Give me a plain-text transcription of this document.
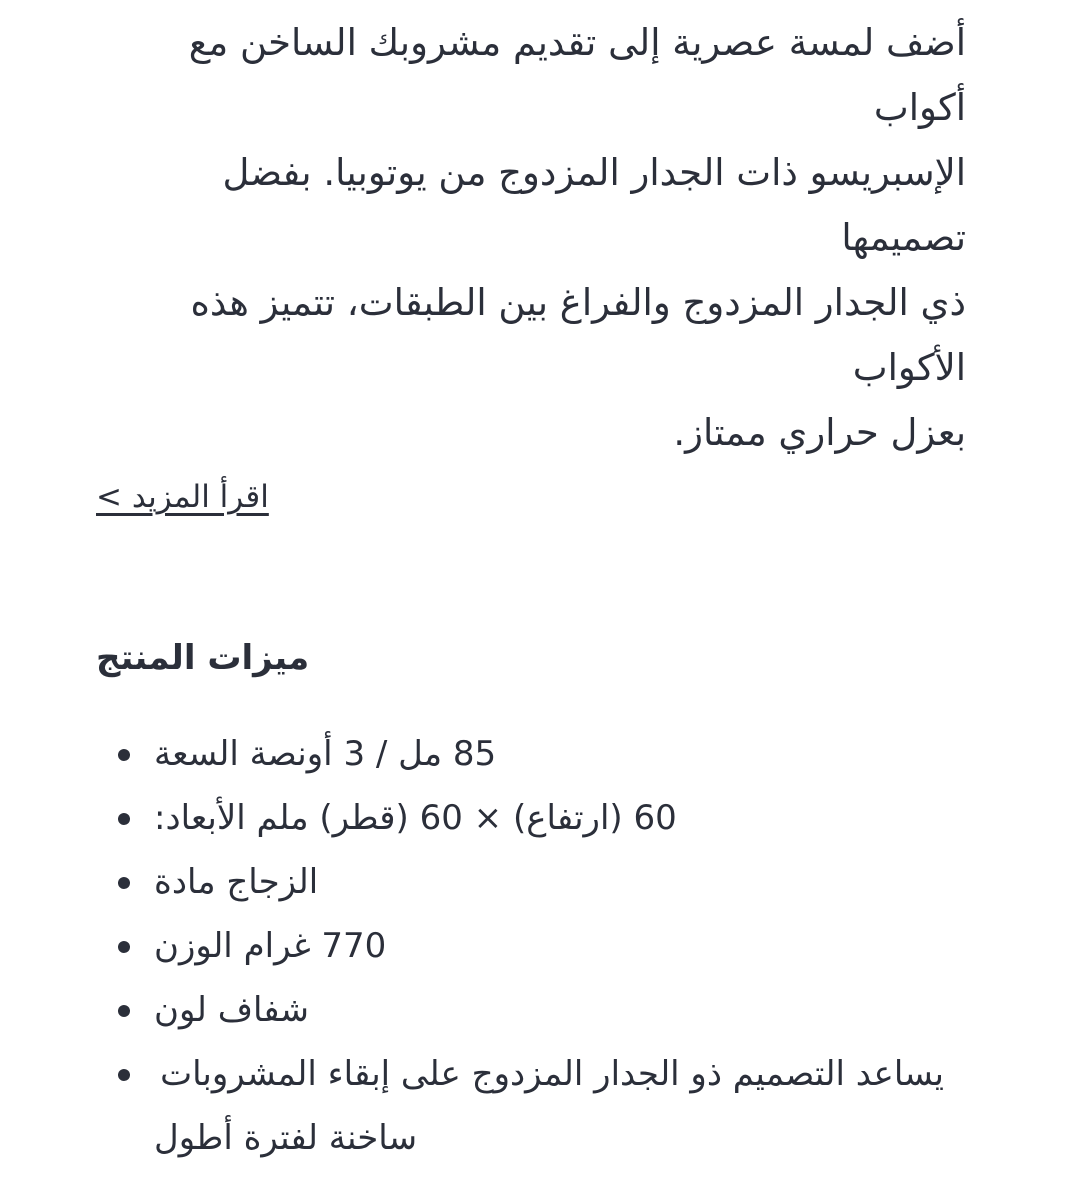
أضف لمسة عصرية إلى تقديم مشروبك الساخن مع أكواب
الإسبريسو ذات الجدار المزدوج من يوتوبيا. بفضل تصميمها
ذي الجدار المزدوج والفراغ بين الطبقات، تتميز هذه الأكواب
بعزل حراري ممتاز.

اقرأ المزيد >
ميزات المنتج
85 مل / 3 أونصة السعة
60 (ارتفاع) × 60 (قطر) ملم الأبعاد:
الزجاج مادة
770 غرام الوزن
شفاف لون
يساعد التصميم ذو الجدار المزدوج على إبقاء المشروبات
ساخنة لفترة أطول
